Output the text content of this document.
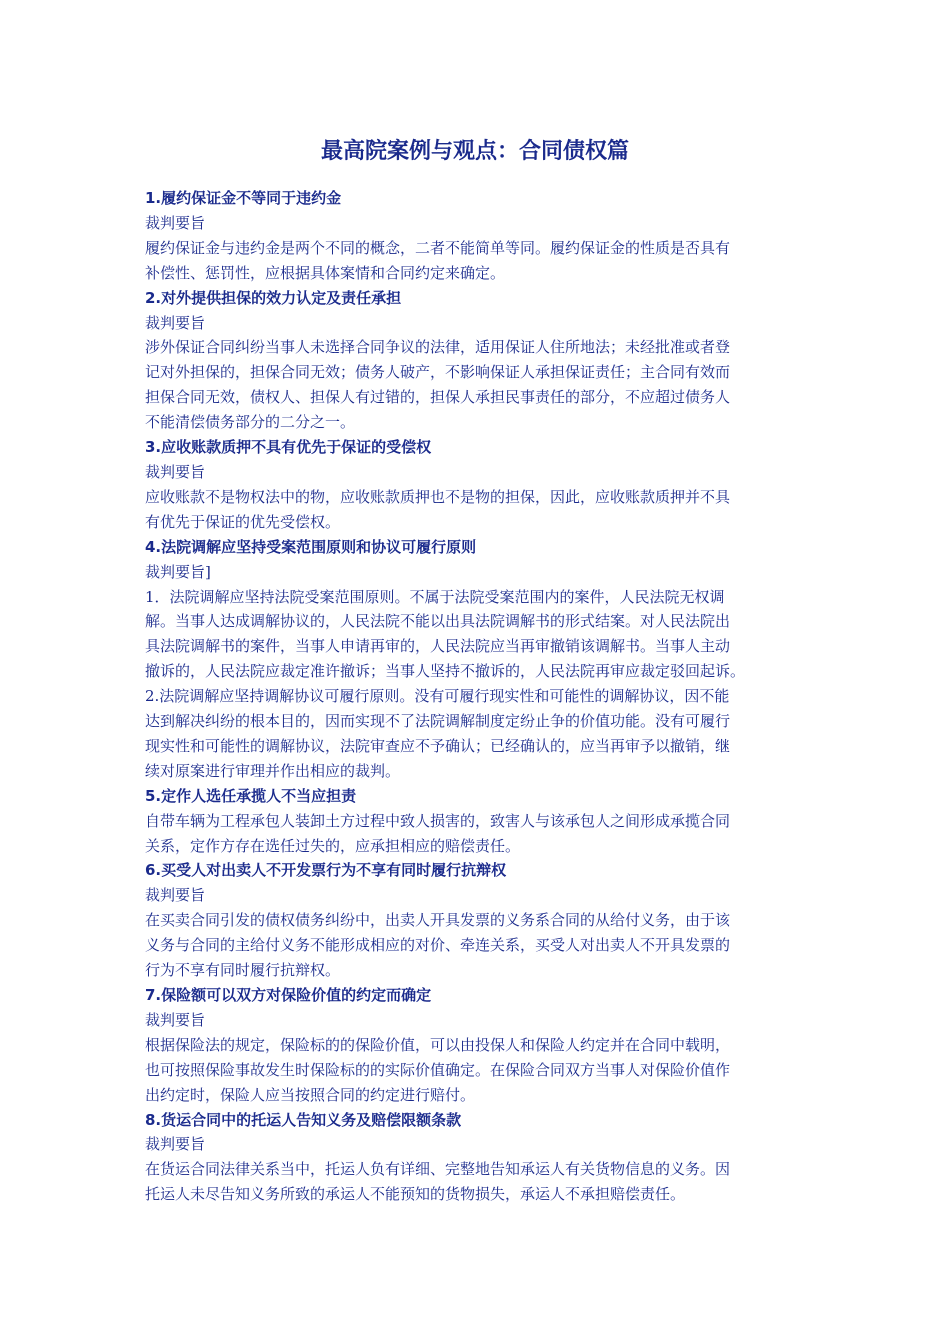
最高院案例与观点：合同债权篇
1.履约保证金不等同于违约金
裁判要旨
履约保证金与违约金是两个不同的概念，二者不能简单等同。履约保证金的性质是否具有
补偿性、惩罚性，应根据具体案情和合同约定来确定。
2.对外提供担保的效力认定及责任承担
裁判要旨
涉外保证合同纠纷当事人未选择合同争议的法律，适用保证人住所地法；未经批准或者登
记对外担保的，担保合同无效；债务人破产，不影响保证人承担保证责任；主合同有效而
担保合同无效，债权人、担保人有过错的，担保人承担民事责任的部分，不应超过债务人
不能清偿债务部分的二分之一。
3.应收账款质押不具有优先于保证的受偿权
裁判要旨
应收账款不是物权法中的物，应收账款质押也不是物的担保，因此，应收账款质押并不具
有优先于保证的优先受偿权。
4.法院调解应坚持受案范围原则和协议可履行原则
裁判要旨]
1．法院调解应坚持法院受案范围原则。不属于法院受案范围内的案件，人民法院无权调
解。当事人达成调解协议的，人民法院不能以出具法院调解书的形式结案。对人民法院出
具法院调解书的案件，当事人申请再审的，人民法院应当再审撤销该调解书。当事人主动
撤诉的，人民法院应裁定准许撤诉；当事人坚持不撤诉的，人民法院再审应裁定驳回起诉。
2.法院调解应坚持调解协议可履行原则。没有可履行现实性和可能性的调解协议，因不能
达到解决纠纷的根本目的，因而实现不了法院调解制度定纷止争的价值功能。没有可履行
现实性和可能性的调解协议，法院审查应不予确认；已经确认的，应当再审予以撤销，继
续对原案进行审理并作出相应的裁判。
5.定作人选任承揽人不当应担责
自带车辆为工程承包人装卸土方过程中致人损害的，致害人与该承包人之间形成承揽合同
关系，定作方存在选任过失的，应承担相应的赔偿责任。
6.买受人对出卖人不开发票行为不享有同时履行抗辩权
裁判要旨
在买卖合同引发的债权债务纠纷中，出卖人开具发票的义务系合同的从给付义务，由于该
义务与合同的主给付义务不能形成相应的对价、牵连关系，买受人对出卖人不开具发票的
行为不享有同时履行抗辩权。
7.保险额可以双方对保险价值的约定而确定
裁判要旨
根据保险法的规定，保险标的的保险价值，可以由投保人和保险人约定并在合同中载明，
也可按照保险事故发生时保险标的的实际价值确定。在保险合同双方当事人对保险价值作
出约定时，保险人应当按照合同的约定进行赔付。
8.货运合同中的托运人告知义务及赔偿限额条款
裁判要旨
在货运合同法律关系当中，托运人负有详细、完整地告知承运人有关货物信息的义务。因
托运人未尽告知义务所致的承运人不能预知的货物损失，承运人不承担赔偿责任。
